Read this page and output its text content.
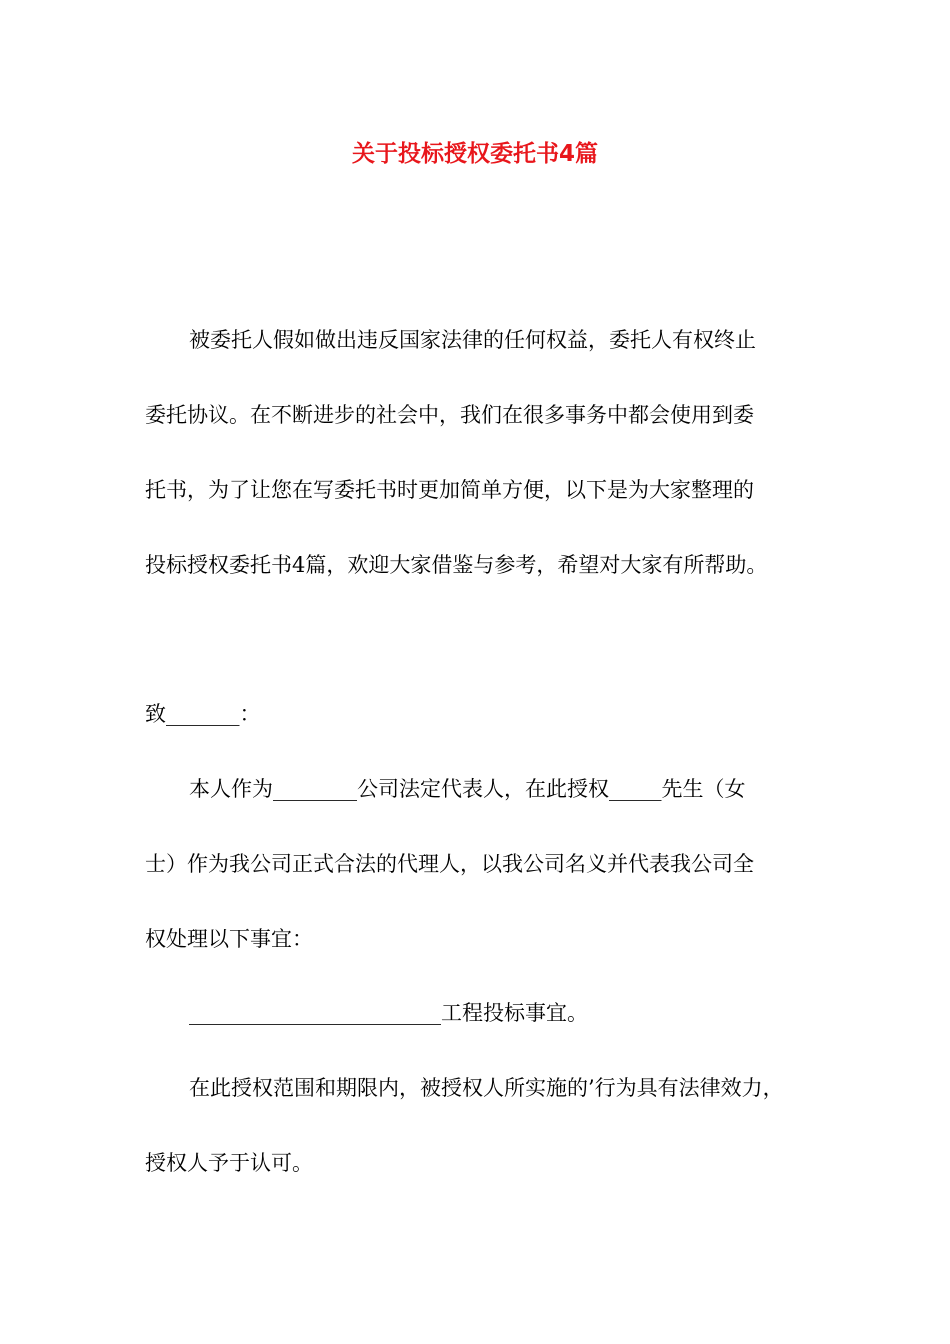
关于投标授权委托书4篇
被委托人假如做出违反国家法律的任何权益，委托人有权终止
委托协议。在不断进步的社会中，我们在很多事务中都会使用到委
托书，为了让您在写委托书时更加简单方便，以下是为大家整理的
投标授权委托书4篇，欢迎大家借鉴与参考，希望对大家有所帮助。
致_______：
本人作为________公司法定代表人，在此授权_____先生（女
士）作为我公司正式合法的代理人，以我公司名义并代表我公司全
权处理以下事宜：
________________________工程投标事宜。
在此授权范围和期限内，被授权人所实施的’行为具有法律效力，
授权人予于认可。
